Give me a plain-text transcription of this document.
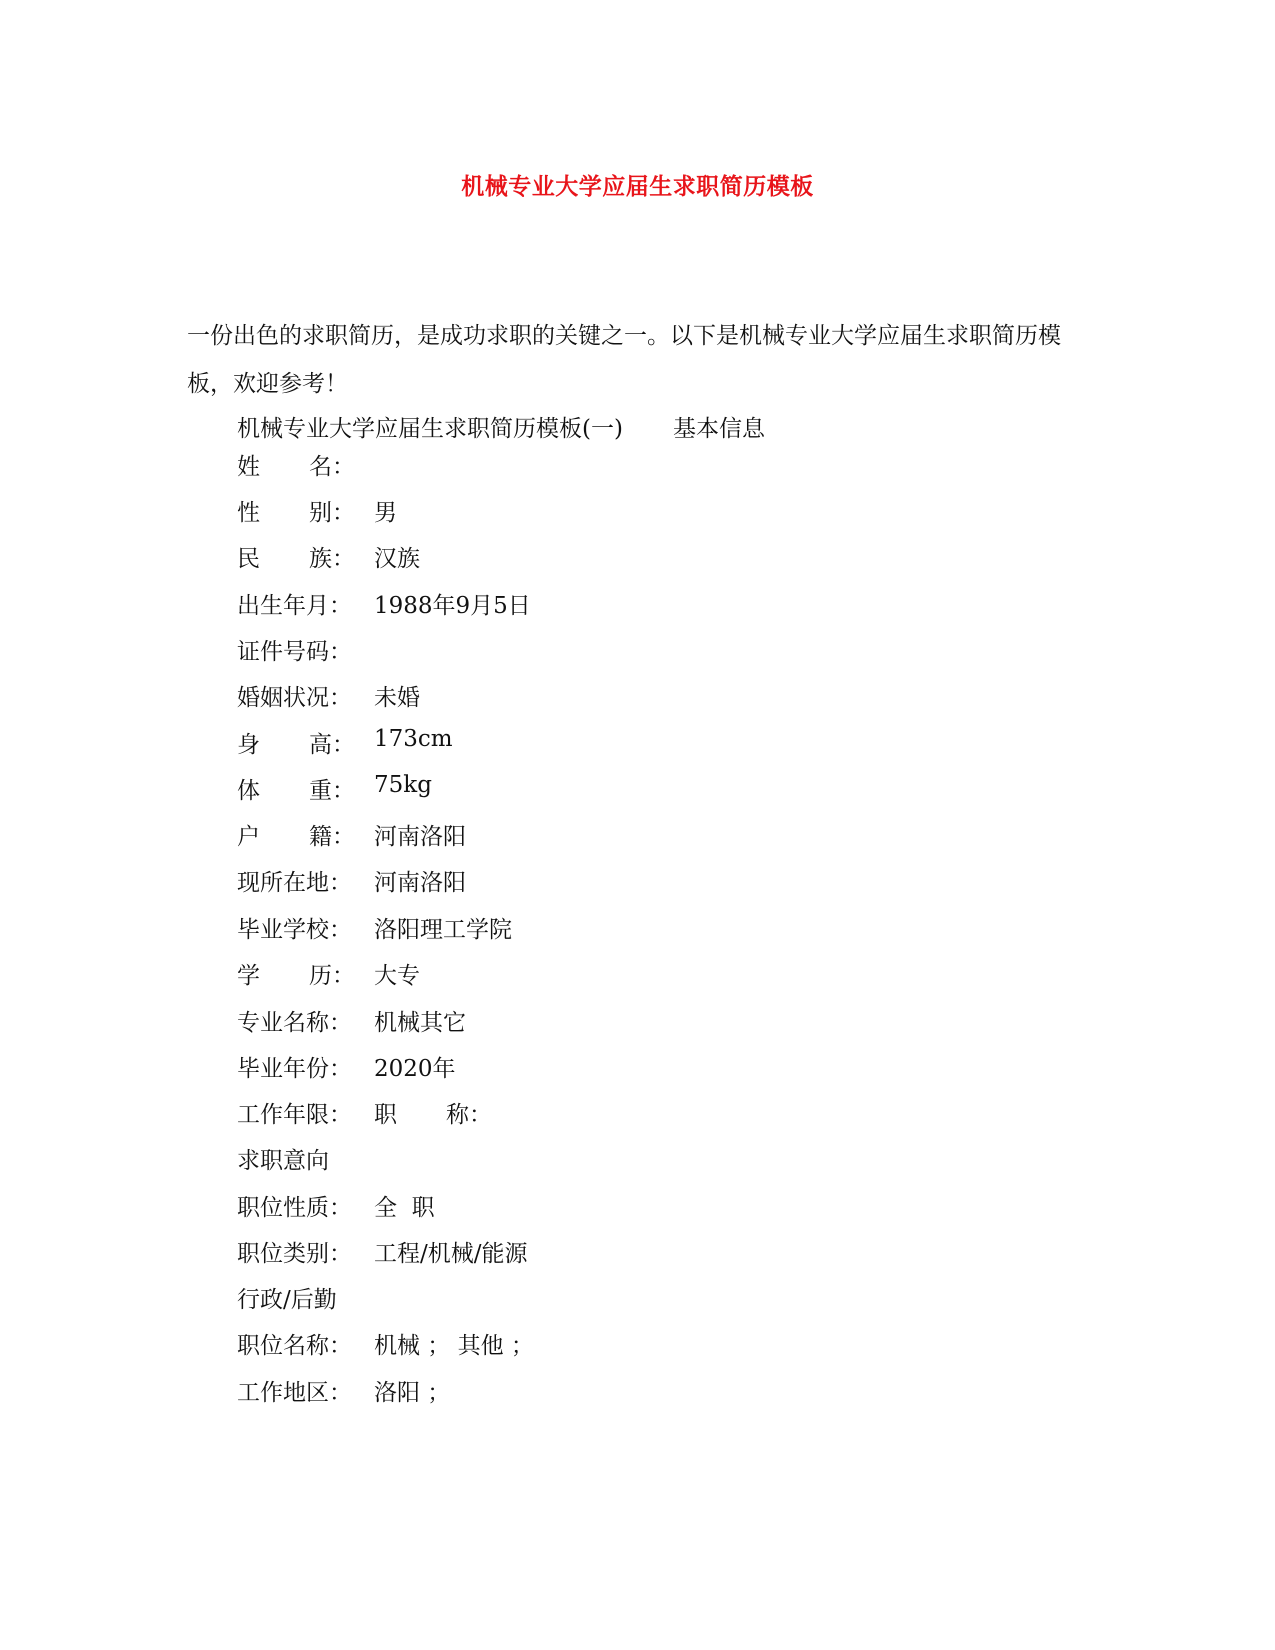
机械专业大学应届生求职简历模板
一份出色的求职简历，是成功求职的关键之一。以下是机械专业大学应届生求职简历模板，欢迎参考！
机械专业大学应届生求职简历模板(一) 基本信息
姓 名：
性 别： 男
民 族： 汉族
出生年月： 1988年9月5日
证件号码：
婚姻状况： 未婚
身 高： 173cm
体 重： 75kg
户 籍： 河南洛阳
现所在地： 河南洛阳
毕业学校： 洛阳理工学院
学 历： 大专
专业名称： 机械其它
毕业年份： 2020年
工作年限： 职 称：
求职意向
职位性质： 全  职
职位类别： 工程/机械/能源
行政/后勤
职位名称： 机械 ； 其他 ；
工作地区： 洛阳 ；
